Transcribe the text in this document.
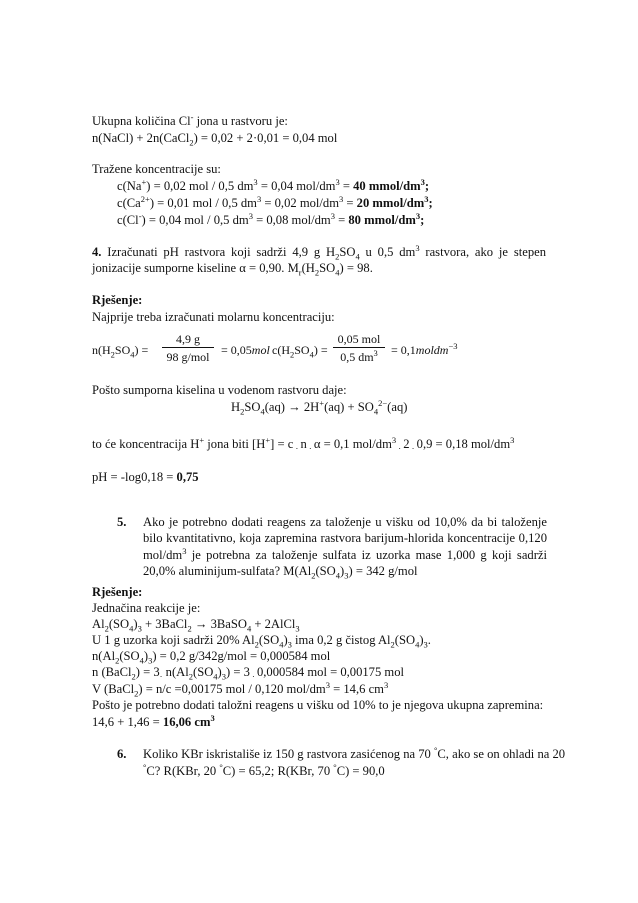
Ukupna količina Cl- jona u rastvoru je:
n(NaCl) + 2n(CaCl$_2$) = 0,02 + 2·0,01 = 0,04 mol
Tražene koncentracije su:
c(Na+) = 0,02 mol / 0,5 $dm^3 = 0,04$ mol/$dm^3 = 40$ mmol/$dm^3$;
$c(Ca^{2+}) = 0,01$ mol / 0,5 $dm^3 = 0,02$ mol/$dm^3 = 20$ mmol/$dm^3$;
c(Cl-) = 0,04 mol / 0,5 $dm^3 = 0,08$ mol/$dm^3 = 80$ mmol/$dm^3$;
4. Izračunati pH rastvora koji sadrži 4,9 g $H_2SO_4$ u 0,5 $dm^3$ rastvora, ako je stepen jonizacije sumporne kiseline α = 0,90. $M_r(H_2SO_4) = 98$.
Rješenje:
Najprije treba izračunati molarnu koncentraciju:
$n(H_2SO_4)$ =
4,9 g
98 g/mol = 0,05mol $c(H_2SO_4)$ =
0,05 mol
0,5 $dm^3$	= 0,1moldm$^{-3}$
Pošto sumporna kiselina u vodenom rastvoru daje:
$H_2SO_4(aq) \to 2H^+(aq) + SO_4^{2-}(aq)$
to će koncentracija H+ jona biti [H+] = c $_\cdot$ n $_\cdot$ α = 0,1 mol/$dm^3$ $_\cdot$ 2 $_\cdot$ 0,9 = 0,18 mol/$dm^3$
pH = -log0,18 = 0,75
5. Ako je potrebno dodati reagens za taloženje u višku od 10,0% da bi taloženje bilo kvantitativno, koja zapremina rastvora barijum-hlorida koncentracije 0,120 mol/$dm^3$ je potrebna za taloženje sulfata iz uzorka mase 1,000 g koji sadrži 20,0% aluminijum-sulfata? $M(Al_2(SO_4)_3) = 342$ g/mol
Rješenje:
Jednačina reakcije je:
$Al_2(SO_4)_3$ + 3BaCl$_2$ → 3BaSO$_4$ + 2AlCl$_3$
U 1 g uzorka koji sadrži 20% $Al_2(SO_4)_3$ ima 0,2 g čistog $Al_2(SO_4)_3$.
$n(Al_2(SO_4)_3) = 0,2$ g/342g/mol = 0,000584 mol
n (BaCl$_2$) = $3_\cdot$ $n(Al_2(SO_4)_3) = 3$ $_\cdot$ 0,000584 mol = 0,00175 mol
V (BaCl$_2$) = n/c =0,00175 mol / 0,120 mol/$dm^3 = 14,6$ $cm^3$
Pošto je potrebno dodati taložni reagens u višku od 10% to je njegova ukupna zapremina:
14,6 + 1,46 = 16,06 $cm^3$
6. Koliko KBr iskristališe iz 150 g rastvora zasićenog na 70 °C, ako se on ohladi na 20
°C? R(KBr, 20 °C) = 65,2; R(KBr, 70 °C) = 90,0
